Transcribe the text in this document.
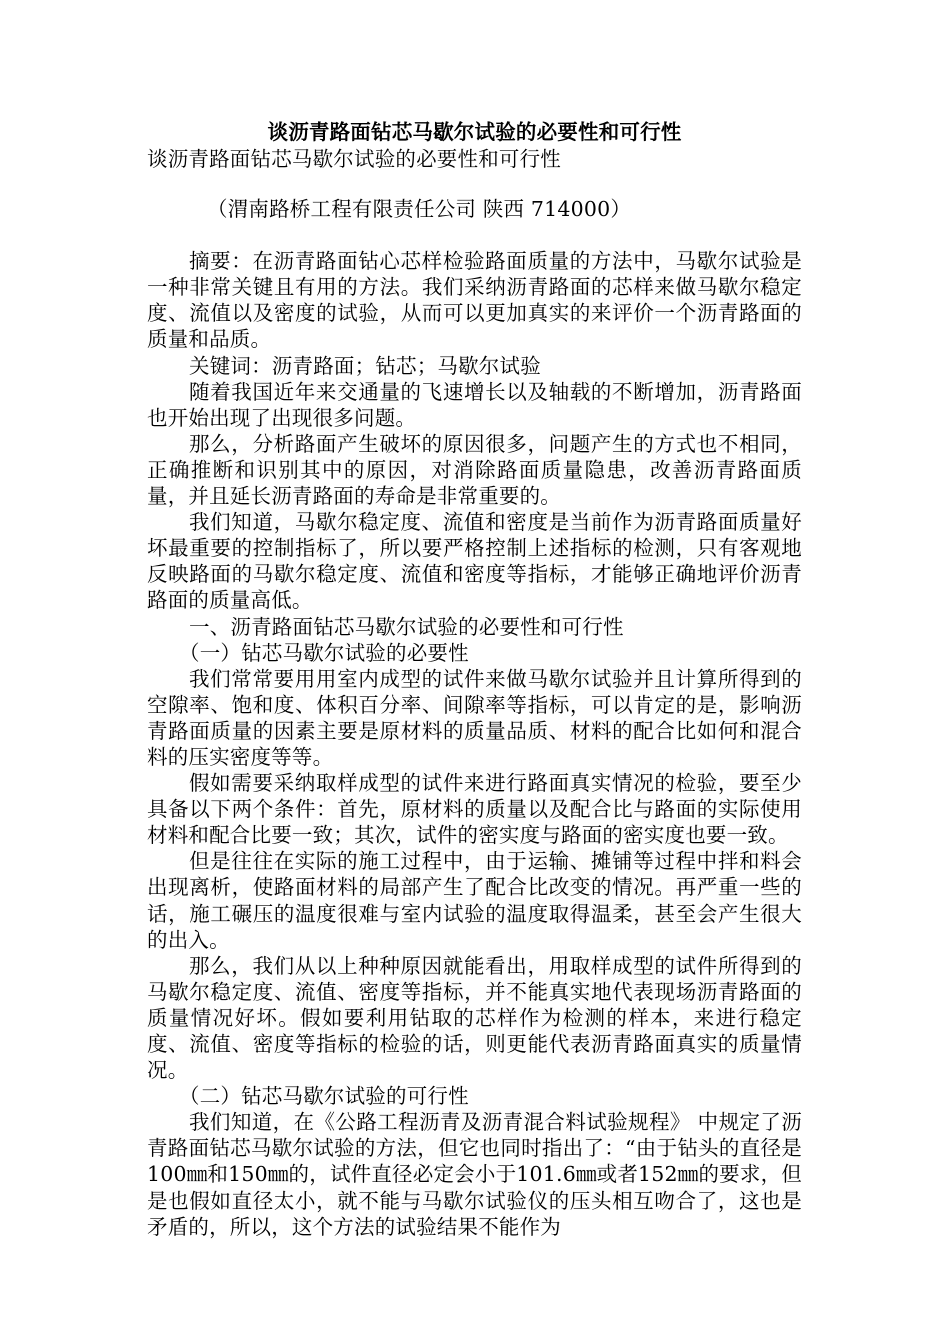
谈沥青路面钻芯马歇尔试验的必要性和可行性

谈沥青路面钻芯马歇尔试验的必要性和可行性

（渭南路桥工程有限责任公司 陕西 714000）

摘要：在沥青路面钻心芯样检验路面质量的方法中，马歇尔试验是一种非常关键且有用的方法。我们采纳沥青路面的芯样来做马歇尔稳定度、流值以及密度的试验，从而可以更加真实的来评价一个沥青路面的质量和品质。

关键词：沥青路面；钻芯；马歇尔试验

随着我国近年来交通量的飞速增长以及轴载的不断增加，沥青路面也开始出现了出现很多问题。

那么，分析路面产生破坏的原因很多，问题产生的方式也不相同，正确推断和识别其中的原因，对消除路面质量隐患，改善沥青路面质量，并且延长沥青路面的寿命是非常重要的。

我们知道，马歇尔稳定度、流值和密度是当前作为沥青路面质量好坏最重要的控制指标了，所以要严格控制上述指标的检测，只有客观地反映路面的马歇尔稳定度、流值和密度等指标，才能够正确地评价沥青路面的质量高低。

一、沥青路面钻芯马歇尔试验的必要性和可行性

（一）钻芯马歇尔试验的必要性

我们常常要用用室内成型的试件来做马歇尔试验并且计算所得到的空隙率、饱和度、体积百分率、间隙率等指标，可以肯定的是，影响沥青路面质量的因素主要是原材料的质量品质、材料的配合比如何和混合料的压实密度等等。

假如需要采纳取样成型的试件来进行路面真实情况的检验，要至少具备以下两个条件：首先，原材料的质量以及配合比与路面的实际使用材料和配合比要一致；其次，试件的密实度与路面的密实度也要一致。

但是往往在实际的施工过程中，由于运输、摊铺等过程中拌和料会出现离析，使路面材料的局部产生了配合比改变的情况。再严重一些的话，施工碾压的温度很难与室内试验的温度取得温柔，甚至会产生很大的出入。

那么，我们从以上种种原因就能看出，用取样成型的试件所得到的马歇尔稳定度、流值、密度等指标，并不能真实地代表现场沥青路面的质量情况好坏。假如要利用钻取的芯样作为检测的样本，来进行稳定度、流值、密度等指标的检验的话，则更能代表沥青路面真实的质量情况。

（二）钻芯马歇尔试验的可行性

我们知道，在《公路工程沥青及沥青混合料试验规程》 中规定了沥青路面钻芯马歇尔试验的方法，但它也同时指出了：“由于钻头的直径是100㎜和150㎜的，试件直径必定会小于101.6㎜或者152㎜的要求，但是也假如直径太小，就不能与马歇尔试验仪的压头相互吻合了，这也是矛盾的，所以，这个方法的试验结果不能作为
